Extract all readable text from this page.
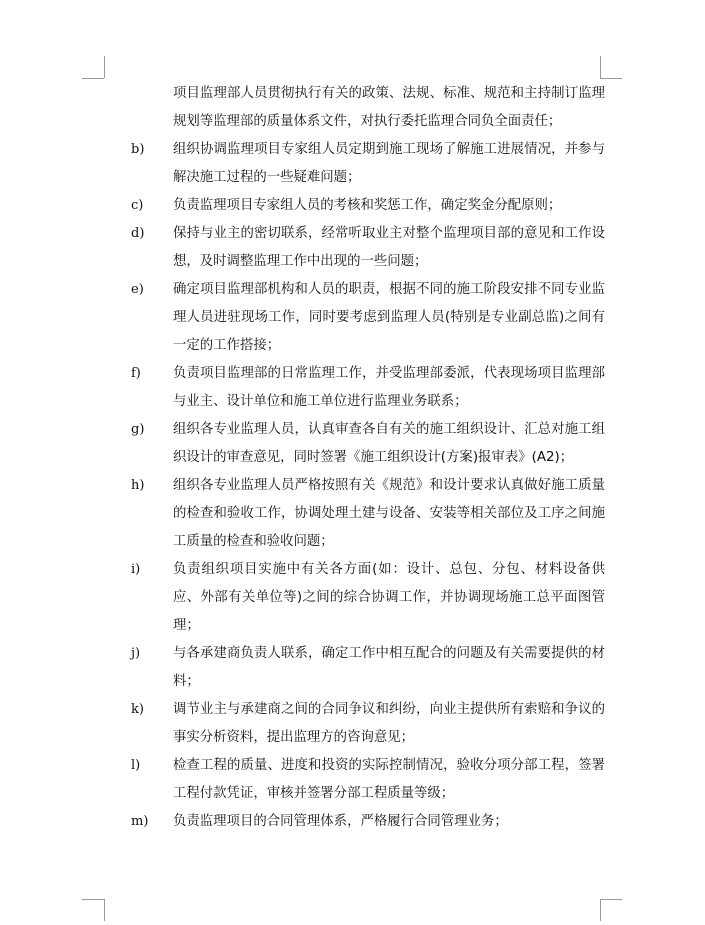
项目监理部人员贯彻执行有关的政策、法规、标准、规范和主持制订监理规划等监理部的质量体系文件，对执行委托监理合同负全面责任；

b) 组织协调监理项目专家组人员定期到施工现场了解施工进展情况，并参与解决施工过程的一些疑难问题；

c) 负责监理项目专家组人员的考核和奖惩工作，确定奖金分配原则；

d) 保持与业主的密切联系，经常听取业主对整个监理项目部的意见和工作设想，及时调整监理工作中出现的一些问题；

e) 确定项目监理部机构和人员的职责，根据不同的施工阶段安排不同专业监理人员进驻现场工作，同时要考虑到监理人员(特别是专业副总监)之间有一定的工作搭接；

f) 负责项目监理部的日常监理工作，并受监理部委派，代表现场项目监理部与业主、设计单位和施工单位进行监理业务联系；

g) 组织各专业监理人员，认真审查各自有关的施工组织设计、汇总对施工组织设计的审查意见，同时签署《施工组织设计(方案)报审表》(A2)；

h) 组织各专业监理人员严格按照有关《规范》和设计要求认真做好施工质量的检查和验收工作，协调处理土建与设备、安装等相关部位及工序之间施工质量的检查和验收问题；

i) 负责组织项目实施中有关各方面(如：设计、总包、分包、材料设备供应、外部有关单位等)之间的综合协调工作，并协调现场施工总平面图管理；

j) 与各承建商负责人联系，确定工作中相互配合的问题及有关需要提供的材料；

k) 调节业主与承建商之间的合同争议和纠纷，向业主提供所有索赔和争议的事实分析资料，提出监理方的咨询意见；

l) 检查工程的质量、进度和投资的实际控制情况，验收分项分部工程，签署工程付款凭证，审核并签署分部工程质量等级；

m) 负责监理项目的合同管理体系，严格履行合同管理业务；
